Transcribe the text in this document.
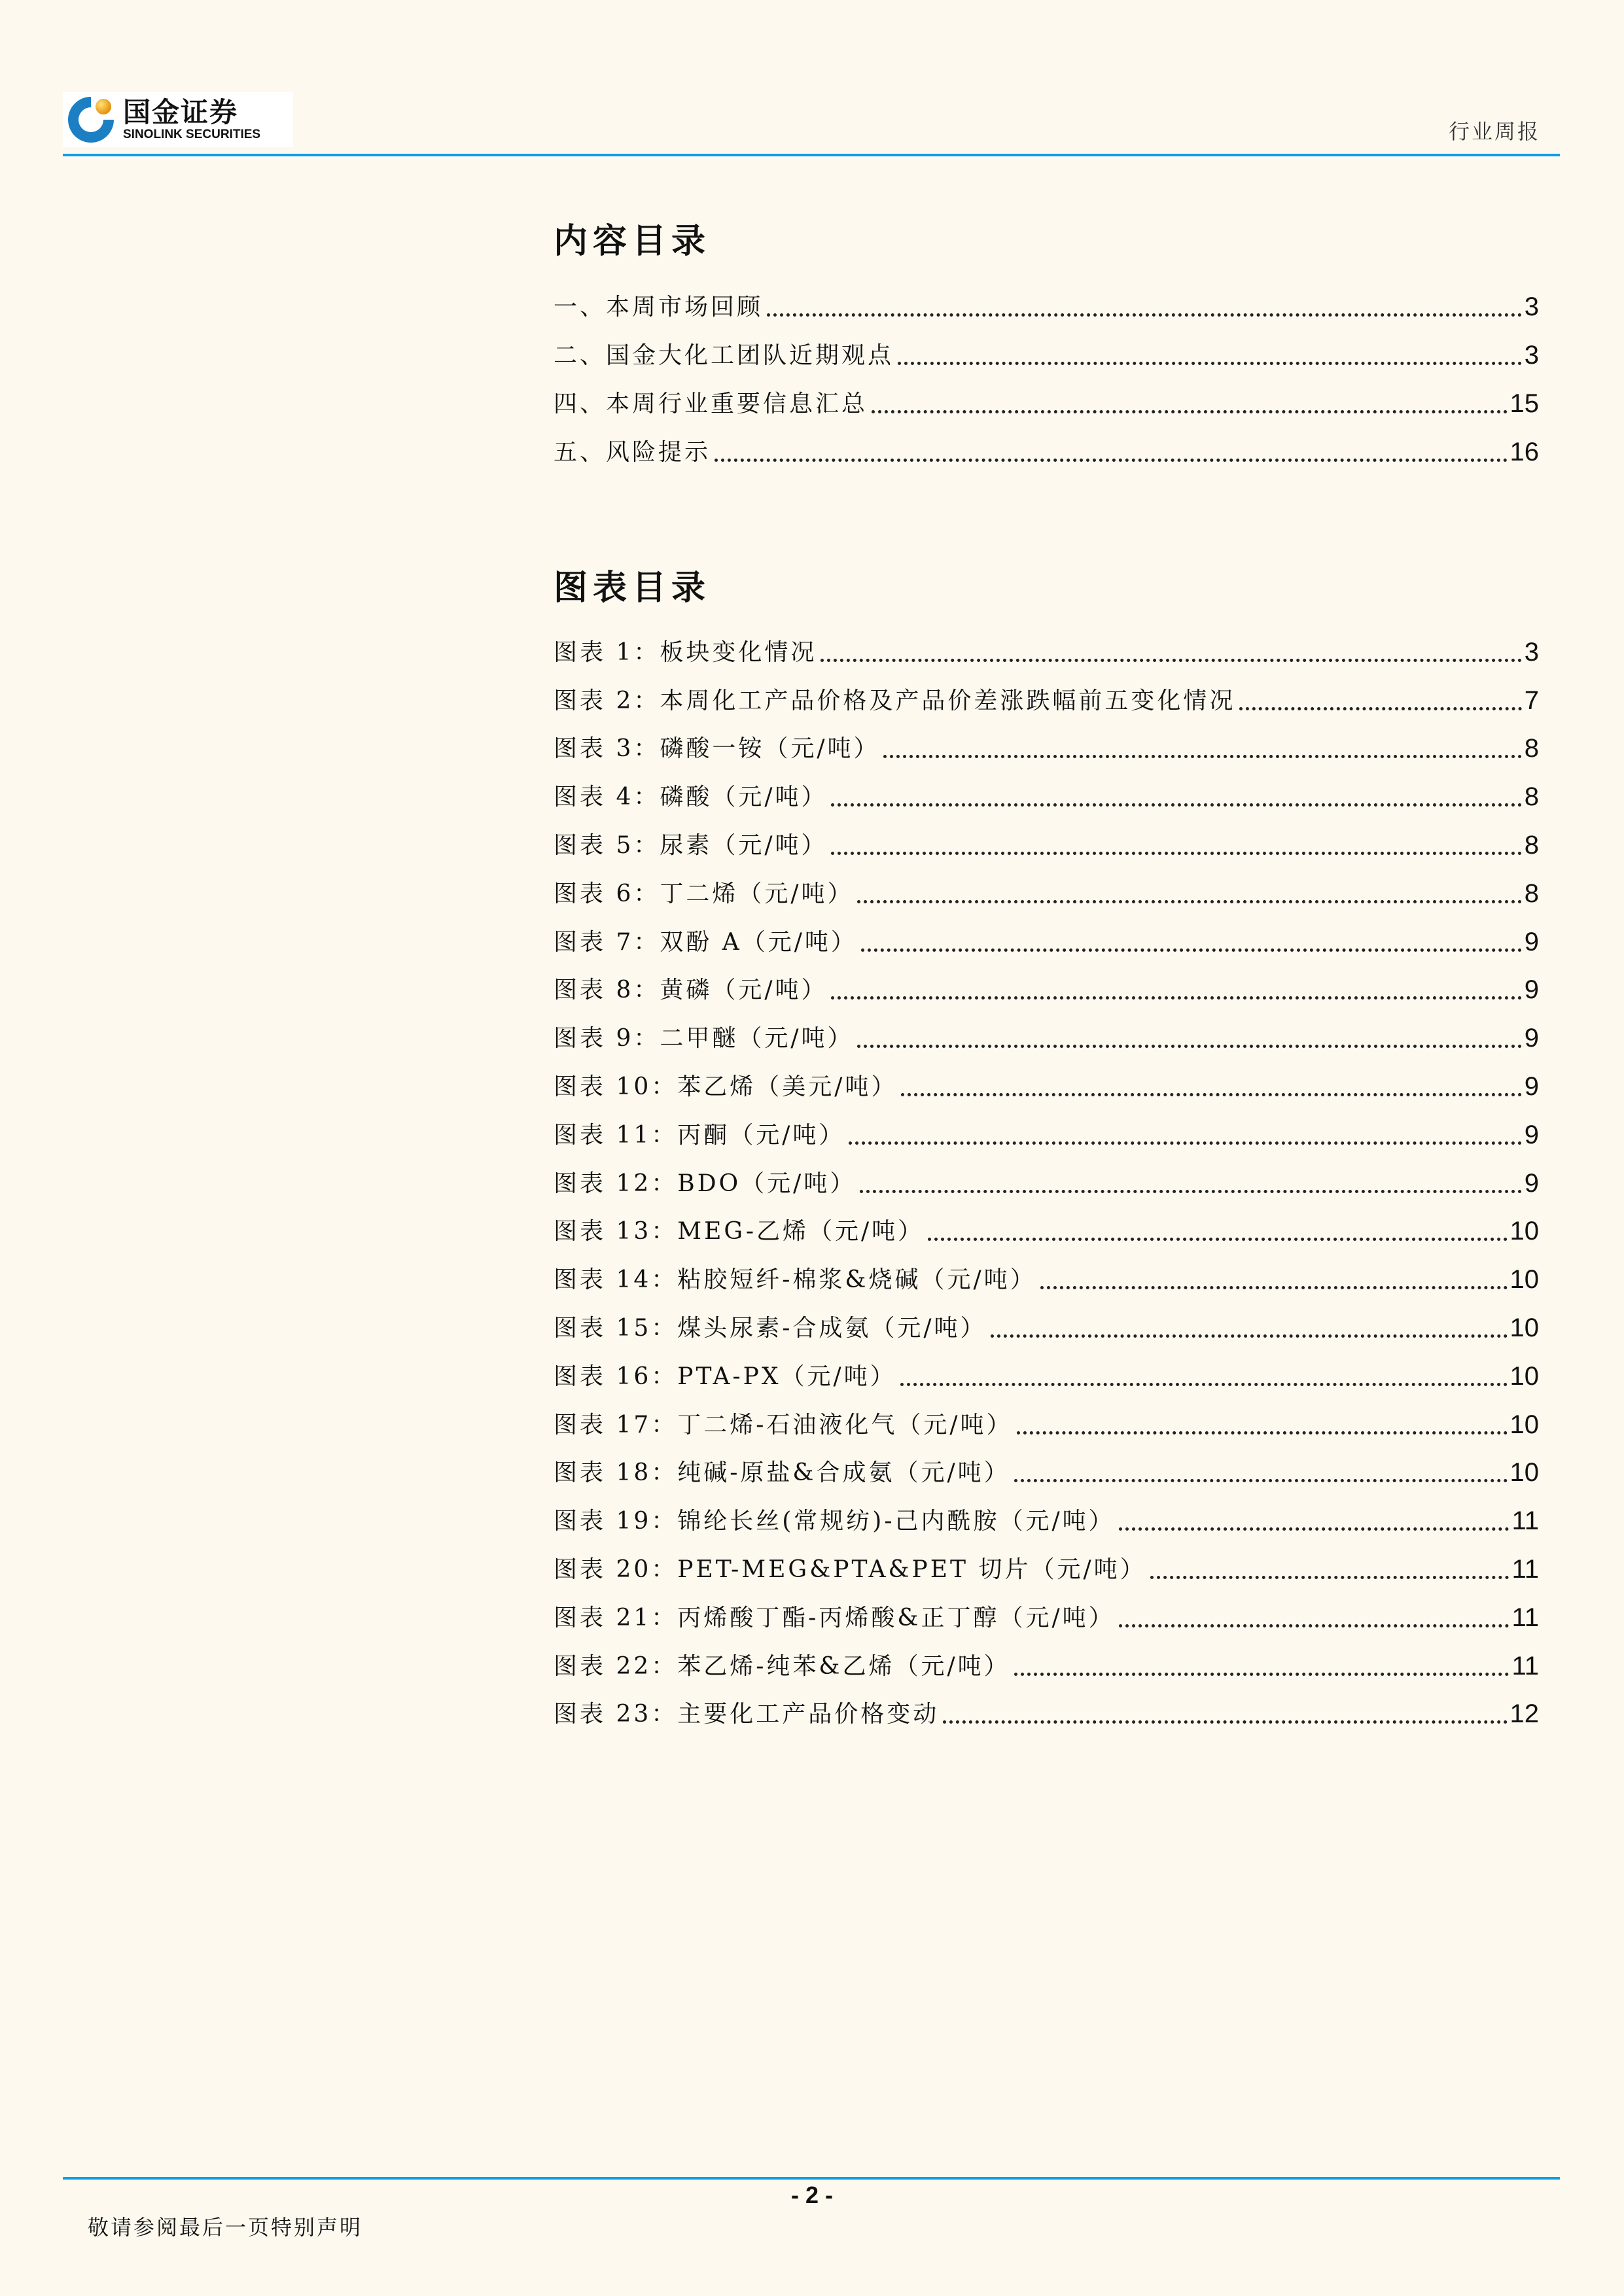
国金证券
SINOLINK SECURITIES	行业周报
内容目录
一、本周市场回顾	3
二、国金大化工团队近期观点	3
四、本周行业重要信息汇总	15
五、风险提示	16
图表目录
图表 1：板块变化情况	3
图表 2：本周化工产品价格及产品价差涨跌幅前五变化情况	7
图表 3：磷酸一铵（元/吨）	8
图表 4：磷酸（元/吨）	8
图表 5：尿素（元/吨）	8
图表 6：丁二烯（元/吨）	8
图表 7：双酚 A（元/吨）	9
图表 8：黄磷（元/吨）	9
图表 9：二甲醚（元/吨）	9
图表 10：苯乙烯（美元/吨）	9
图表 11：丙酮（元/吨）	9
图表 12：BDO（元/吨）	9
图表 13：MEG-乙烯（元/吨）	10
图表 14：粘胶短纤-棉浆&烧碱（元/吨）	10
图表 15：煤头尿素-合成氨（元/吨）	10
图表 16：PTA-PX（元/吨）	10
图表 17：丁二烯-石油液化气（元/吨）	10
图表 18：纯碱-原盐&合成氨（元/吨）	10
图表 19：锦纶长丝(常规纺)-己内酰胺（元/吨）	11
图表 20：PET-MEG&PTA&PET 切片（元/吨）	11
图表 21：丙烯酸丁酯-丙烯酸&正丁醇（元/吨）	11
图表 22：苯乙烯-纯苯&乙烯（元/吨）	11
图表 23：主要化工产品价格变动	12
- 2 -
敬请参阅最后一页特别声明
